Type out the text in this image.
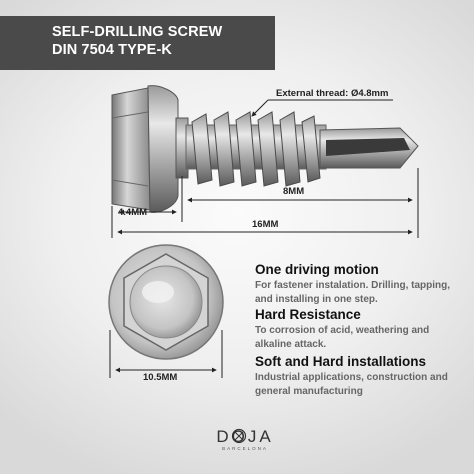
SELF-DRILLING SCREW
DIN 7504 TYPE-K
External thread: Ø4.8mm
8MM
4.4MM
16MM
10.5MM
One driving motion

For fastener instalation. Drilling, tapping, and installing in one step.

Hard Resistance

To corrosion of acid, weathering and alkaline attack.

Soft and Hard installations

Industrial applications, construction and general manufacturing

DOJA
BARCELONA
